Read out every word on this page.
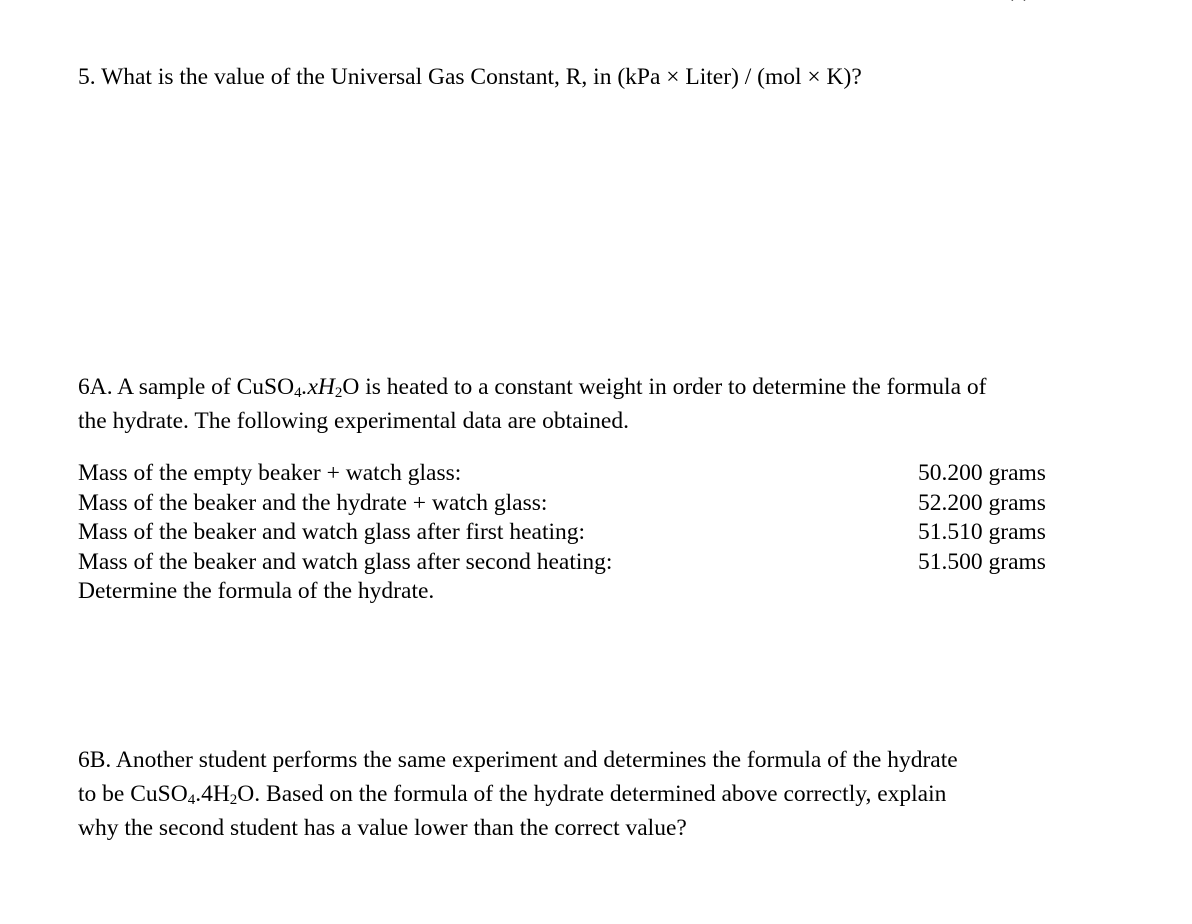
· ·
5. What is the value of the Universal Gas Constant, R, in (kPa × Liter) / (mol × K)?
6A. A sample of $CuSO_4.xH_2O$ is heated to a constant weight in order to determine the formula of
the hydrate. The following experimental data are obtained.
Mass of the empty beaker + watch glass:	50.200 grams
Mass of the beaker and the hydrate + watch glass:	52.200 grams
Mass of the beaker and watch glass after first heating:	51.510 grams
Mass of the beaker and watch glass after second heating:	51.500 grams
Determine the formula of the hydrate.
6B. Another student performs the same experiment and determines the formula of the hydrate
to be $CuSO_4.4H_2O$. Based on the formula of the hydrate determined above correctly, explain
why the second student has a value lower than the correct value?
